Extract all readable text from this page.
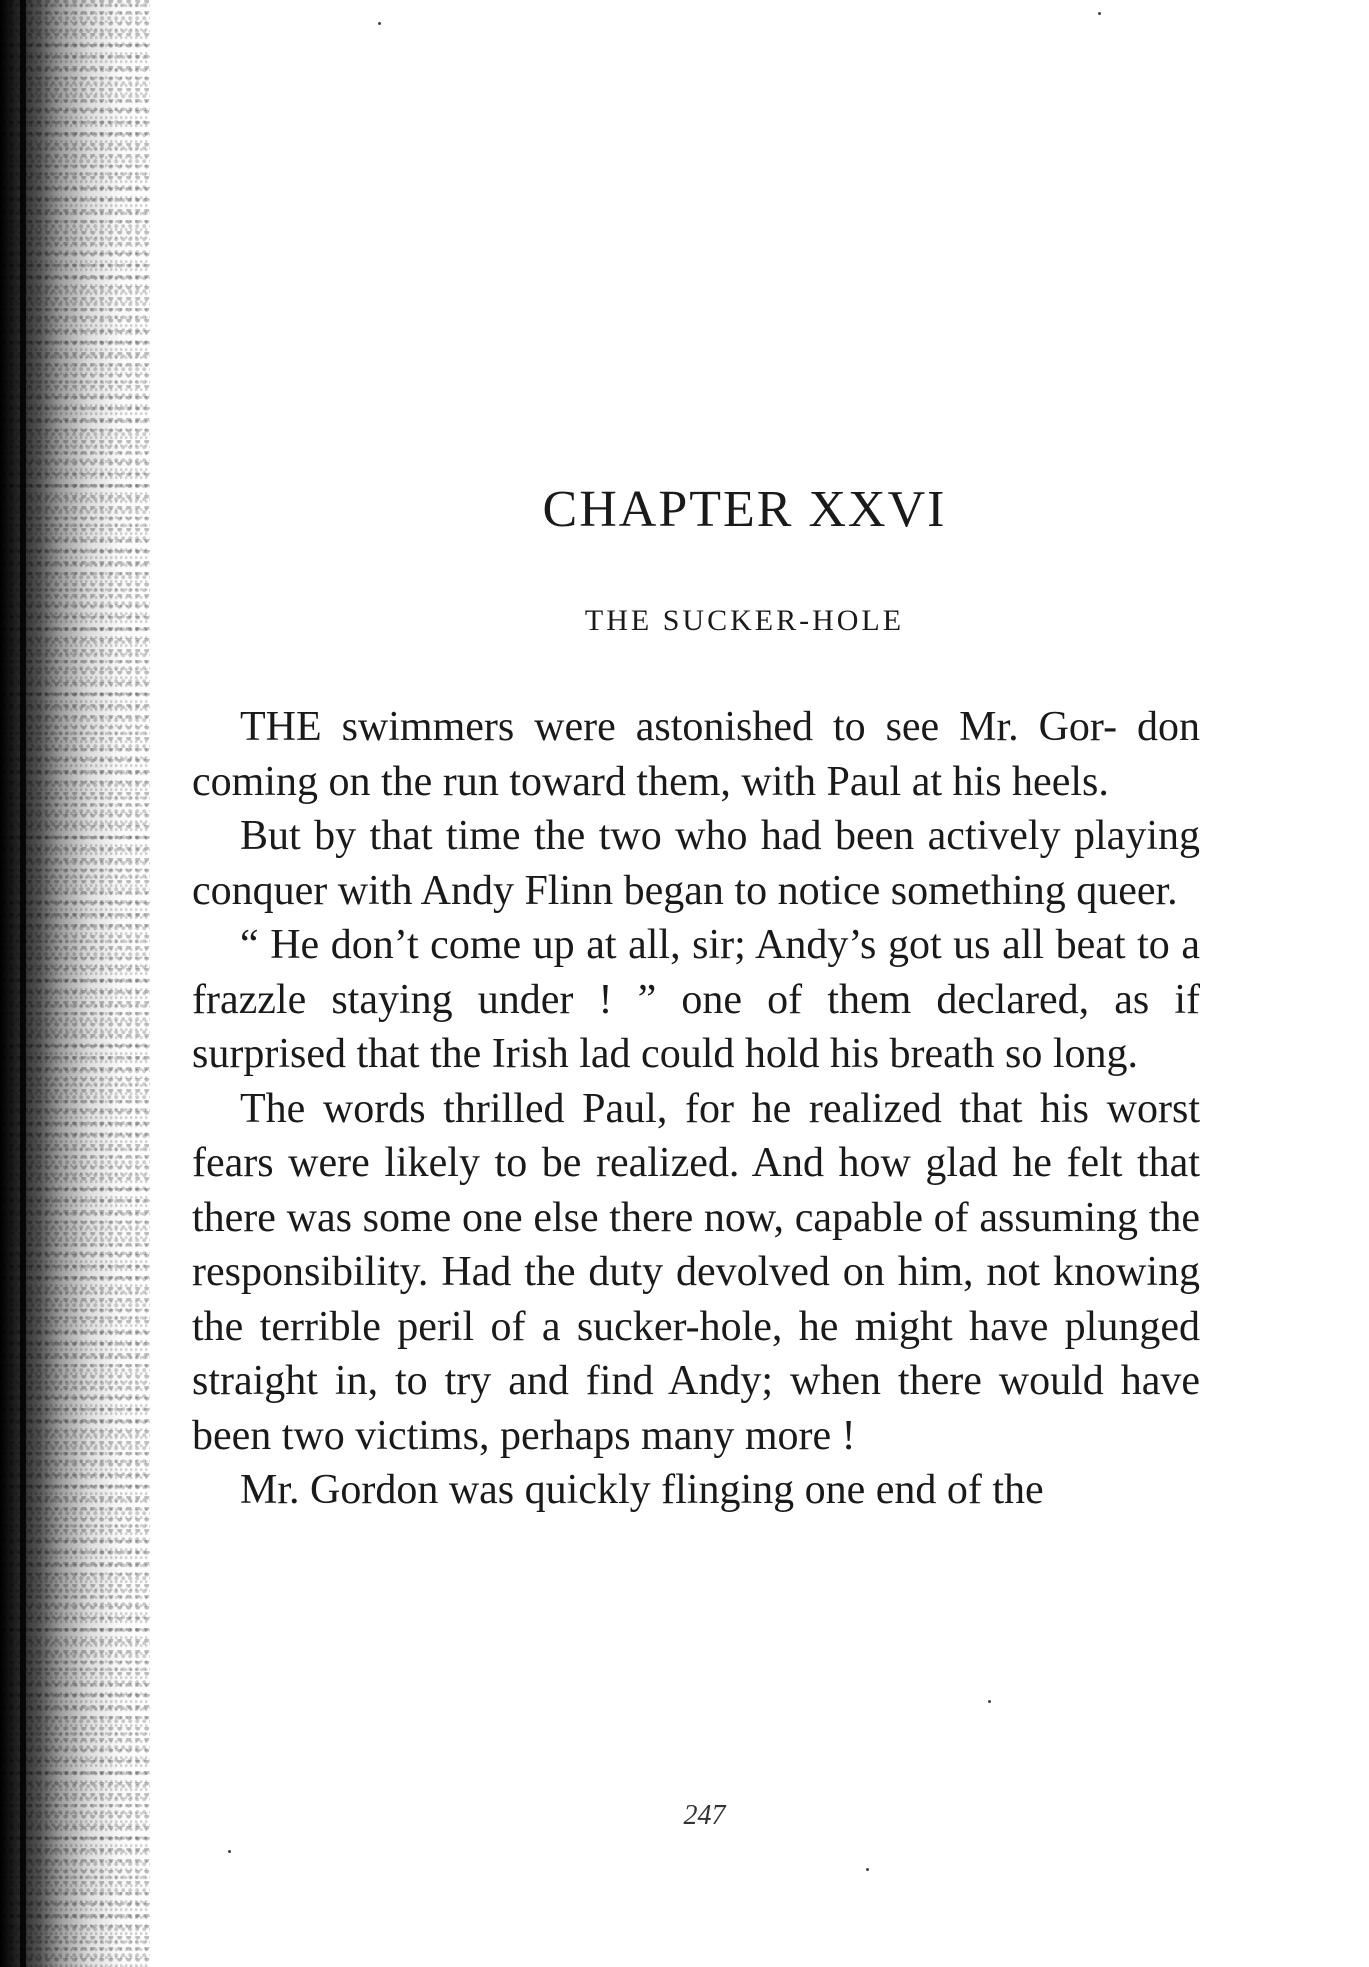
CHAPTER XXVI
THE SUCKER-HOLE

THE swimmers were astonished to see Mr. Gor- don coming on the run toward them, with Paul at his heels.

But by that time the two who had been actively playing conquer with Andy Flinn began to notice something queer.

“ He don’t come up at all, sir; Andy’s got us all beat to a frazzle staying under ! ” one of them declared, as if surprised that the Irish lad could hold his breath so long.

The words thrilled Paul, for he realized that his worst fears were likely to be realized. And how glad he felt that there was some one else there now, capable of assuming the responsibility. Had the duty devolved on him, not knowing the terrible peril of a sucker-hole, he might have plunged straight in, to try and find Andy; when there would have been two victims, perhaps many more !

Mr. Gordon was quickly flinging one end of the

247
